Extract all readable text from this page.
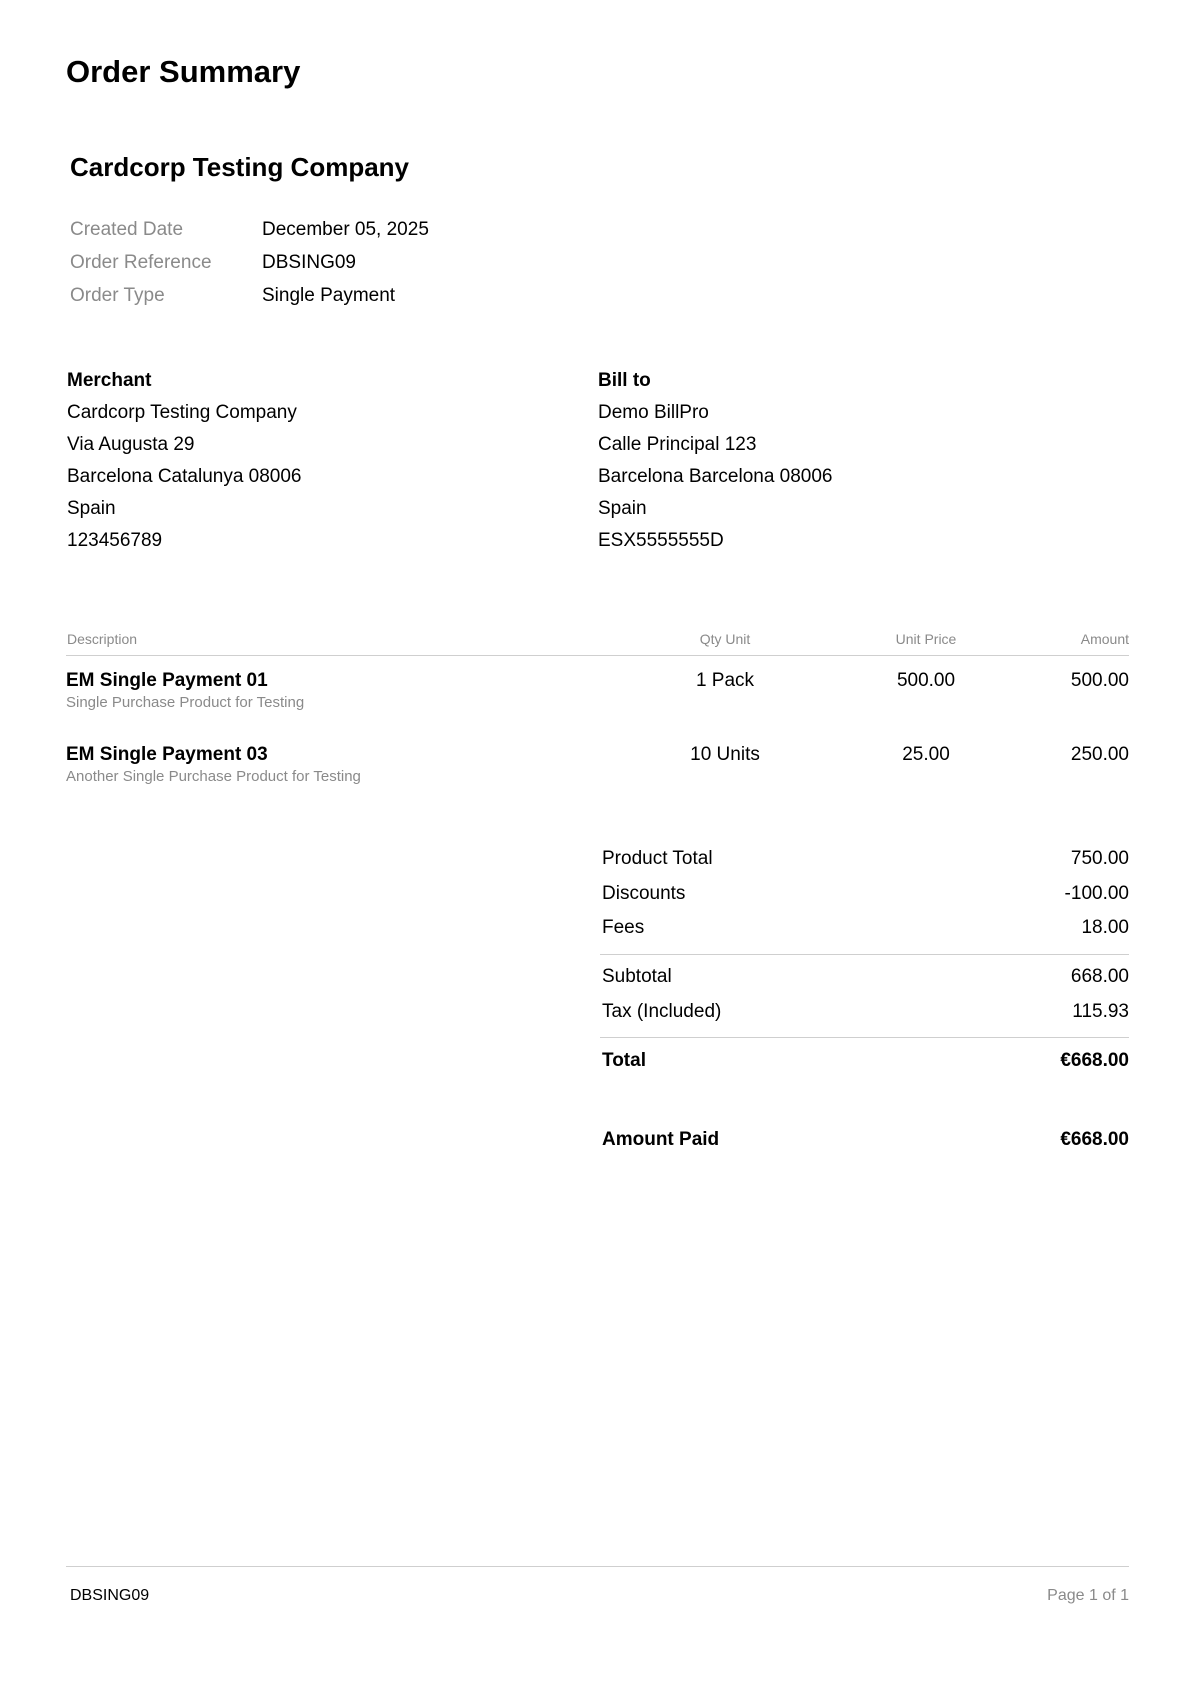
Order Summary
Cardcorp Testing Company
Created Date	December 05, 2025
Order Reference	DBSING09
Order Type	Single Payment
Merchant
Cardcorp Testing Company
Via Augusta 29
Barcelona Catalunya 08006
Spain
123456789
Bill to
Demo BillPro
Calle Principal 123
Barcelona Barcelona 08006
Spain
ESX5555555D
Description	Qty Unit	Unit Price	Amount
EM Single Payment 01
Single Purchase Product for Testing
1 Pack	500.00	500.00
EM Single Payment 03
Another Single Purchase Product for Testing
10 Units	25.00	250.00
Product Total	750.00
Discounts	-100.00
Fees	18.00
Subtotal	668.00
Tax (Included)	115.93
Total	€668.00
Amount Paid	€668.00
DBSING09	Page 1 of 1
